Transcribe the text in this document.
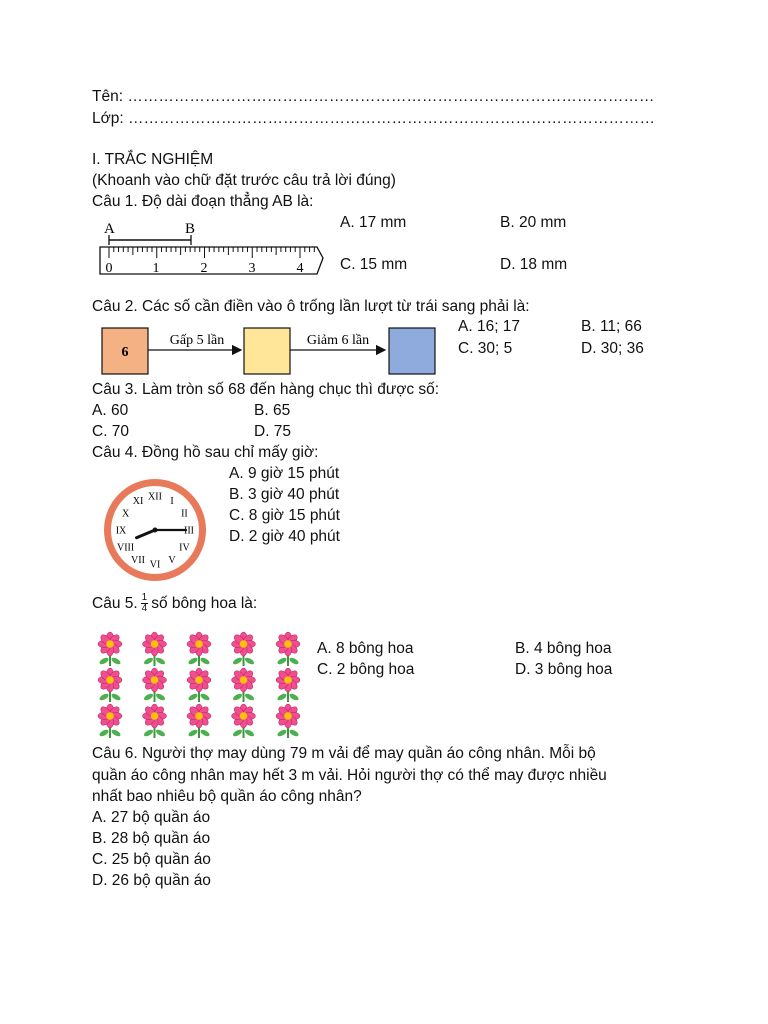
Tên: …………………………………………………………………………………………
Lớp: …………………………………………………………………………………………
I. TRẮC NGHIỆM
(Khoanh vào chữ đặt trước câu trả lời đúng)
Câu 1. Độ dài đoạn thẳng AB là:
A	B
0	1	2	3	4
A. 17 mm	B. 20 mm
C. 15 mm	D. 18 mm
Câu 2. Các số cần điền vào ô trống lần lượt từ trái sang phải là:
6
Gấp 5 lần	Giảm 6 lần
A. 16; 17	B. 11; 66
C. 30; 5	D. 30; 36
Câu 3. Làm tròn số 68 đến hàng chục thì được số:
A. 60	B. 65
C. 70	D. 75
Câu 4. Đồng hồ sau chỉ mấy giờ:
XII I
II
III
IV
V
VI
VII
VIII
IX
X
XI
A. 9 giờ 15 phút
B. 3 giờ 40 phút
C. 8 giờ 15 phút
D. 2 giờ 40 phút
Câu 5. $\frac{1}{4}$ số bông hoa là:
A. 8 bông hoa	B. 4 bông hoa
C. 2 bông hoa	D. 3 bông hoa
Câu 6. Người thợ may dùng 79 m vải để may quần áo công nhân. Mỗi bộ
quần áo công nhân may hết 3 m vải. Hỏi người thợ có thể may được nhiều
nhất bao nhiêu bộ quần áo công nhân?
A. 27 bộ quần áo
B. 28 bộ quần áo
C. 25 bộ quần áo
D. 26 bộ quần áo
